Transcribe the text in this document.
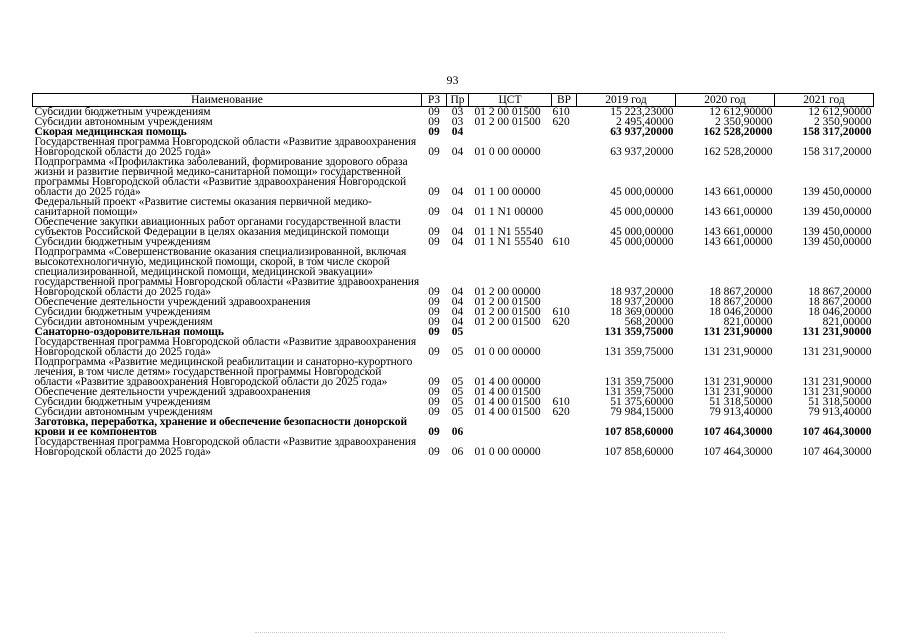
93
Наименование	РЗ	Пр	ЦСТ	ВР	2019 год	2020 год	2021 год
Субсидии бюджетным учреждениям	09	03	01 2 00 01500	610	15 223,23000	12 612,90000	12 612,90000
Субсидии автономным учреждениям	09	03	01 2 00 01500	620	2 495,40000	2 350,90000	2 350,90000
Скорая медицинская помощь	09	04			63 937,20000	162 528,20000	158 317,20000
Государственная программа Новгородской области «Развитие здравоохранения Новгородской области до 2025 года»	09	04	01 0 00 00000		63 937,20000	162 528,20000	158 317,20000
Подпрограмма «Профилактика заболеваний, формирование здорового образа жизни и развитие первичной медико-санитарной помощи» государственной программы Новгородской области «Развитие здравоохранения Новгородской области до 2025 года»	09	04	01 1 00 00000		45 000,00000	143 661,00000	139 450,00000
Федеральный проект «Развитие системы оказания первичной медико-санитарной помощи»	09	04	01 1 N1 00000		45 000,00000	143 661,00000	139 450,00000
Обеспечение закупки авиационных работ органами государственной власти субъектов Российской Федерации в целях оказания медицинской помощи	09	04	01 1 N1 55540		45 000,00000	143 661,00000	139 450,00000
Субсидии бюджетным учреждениям	09	04	01 1 N1 55540	610	45 000,00000	143 661,00000	139 450,00000
Подпрограмма «Совершенствование оказания специализированной, включая высокотехнологичную, медицинской помощи, скорой, в том числе скорой специализированной, медицинской помощи, медицинской эвакуации» государственной программы Новгородской области «Развитие здравоохранения Новгородской области до 2025 года»	09	04	01 2 00 00000		18 937,20000	18 867,20000	18 867,20000
Обеспечение деятельности учреждений здравоохранения	09	04	01 2 00 01500		18 937,20000	18 867,20000	18 867,20000
Субсидии бюджетным учреждениям	09	04	01 2 00 01500	610	18 369,00000	18 046,20000	18 046,20000
Субсидии автономным учреждениям	09	04	01 2 00 01500	620	568,20000	821,00000	821,00000
Санаторно-оздоровительная помощь	09	05			131 359,75000	131 231,90000	131 231,90000
Государственная программа Новгородской области «Развитие здравоохранения Новгородской области до 2025 года»	09	05	01 0 00 00000		131 359,75000	131 231,90000	131 231,90000
Подпрограмма «Развитие медицинской реабилитации и санаторно-курортного лечения, в том числе детям» государственной программы Новгородской области «Развитие здравоохранения Новгородской области до 2025 года»	09	05	01 4 00 00000		131 359,75000	131 231,90000	131 231,90000
Обеспечение деятельности учреждений здравоохранения	09	05	01 4 00 01500		131 359,75000	131 231,90000	131 231,90000
Субсидии бюджетным учреждениям	09	05	01 4 00 01500	610	51 375,60000	51 318,50000	51 318,50000
Субсидии автономным учреждениям	09	05	01 4 00 01500	620	79 984,15000	79 913,40000	79 913,40000
Заготовка, переработка, хранение и обеспечение безопасности донорской крови и ее компонентов	09	06			107 858,60000	107 464,30000	107 464,30000
Государственная программа Новгородской области «Развитие здравоохранения Новгородской области до 2025 года»	09	06	01 0 00 00000		107 858,60000	107 464,30000	107 464,30000
